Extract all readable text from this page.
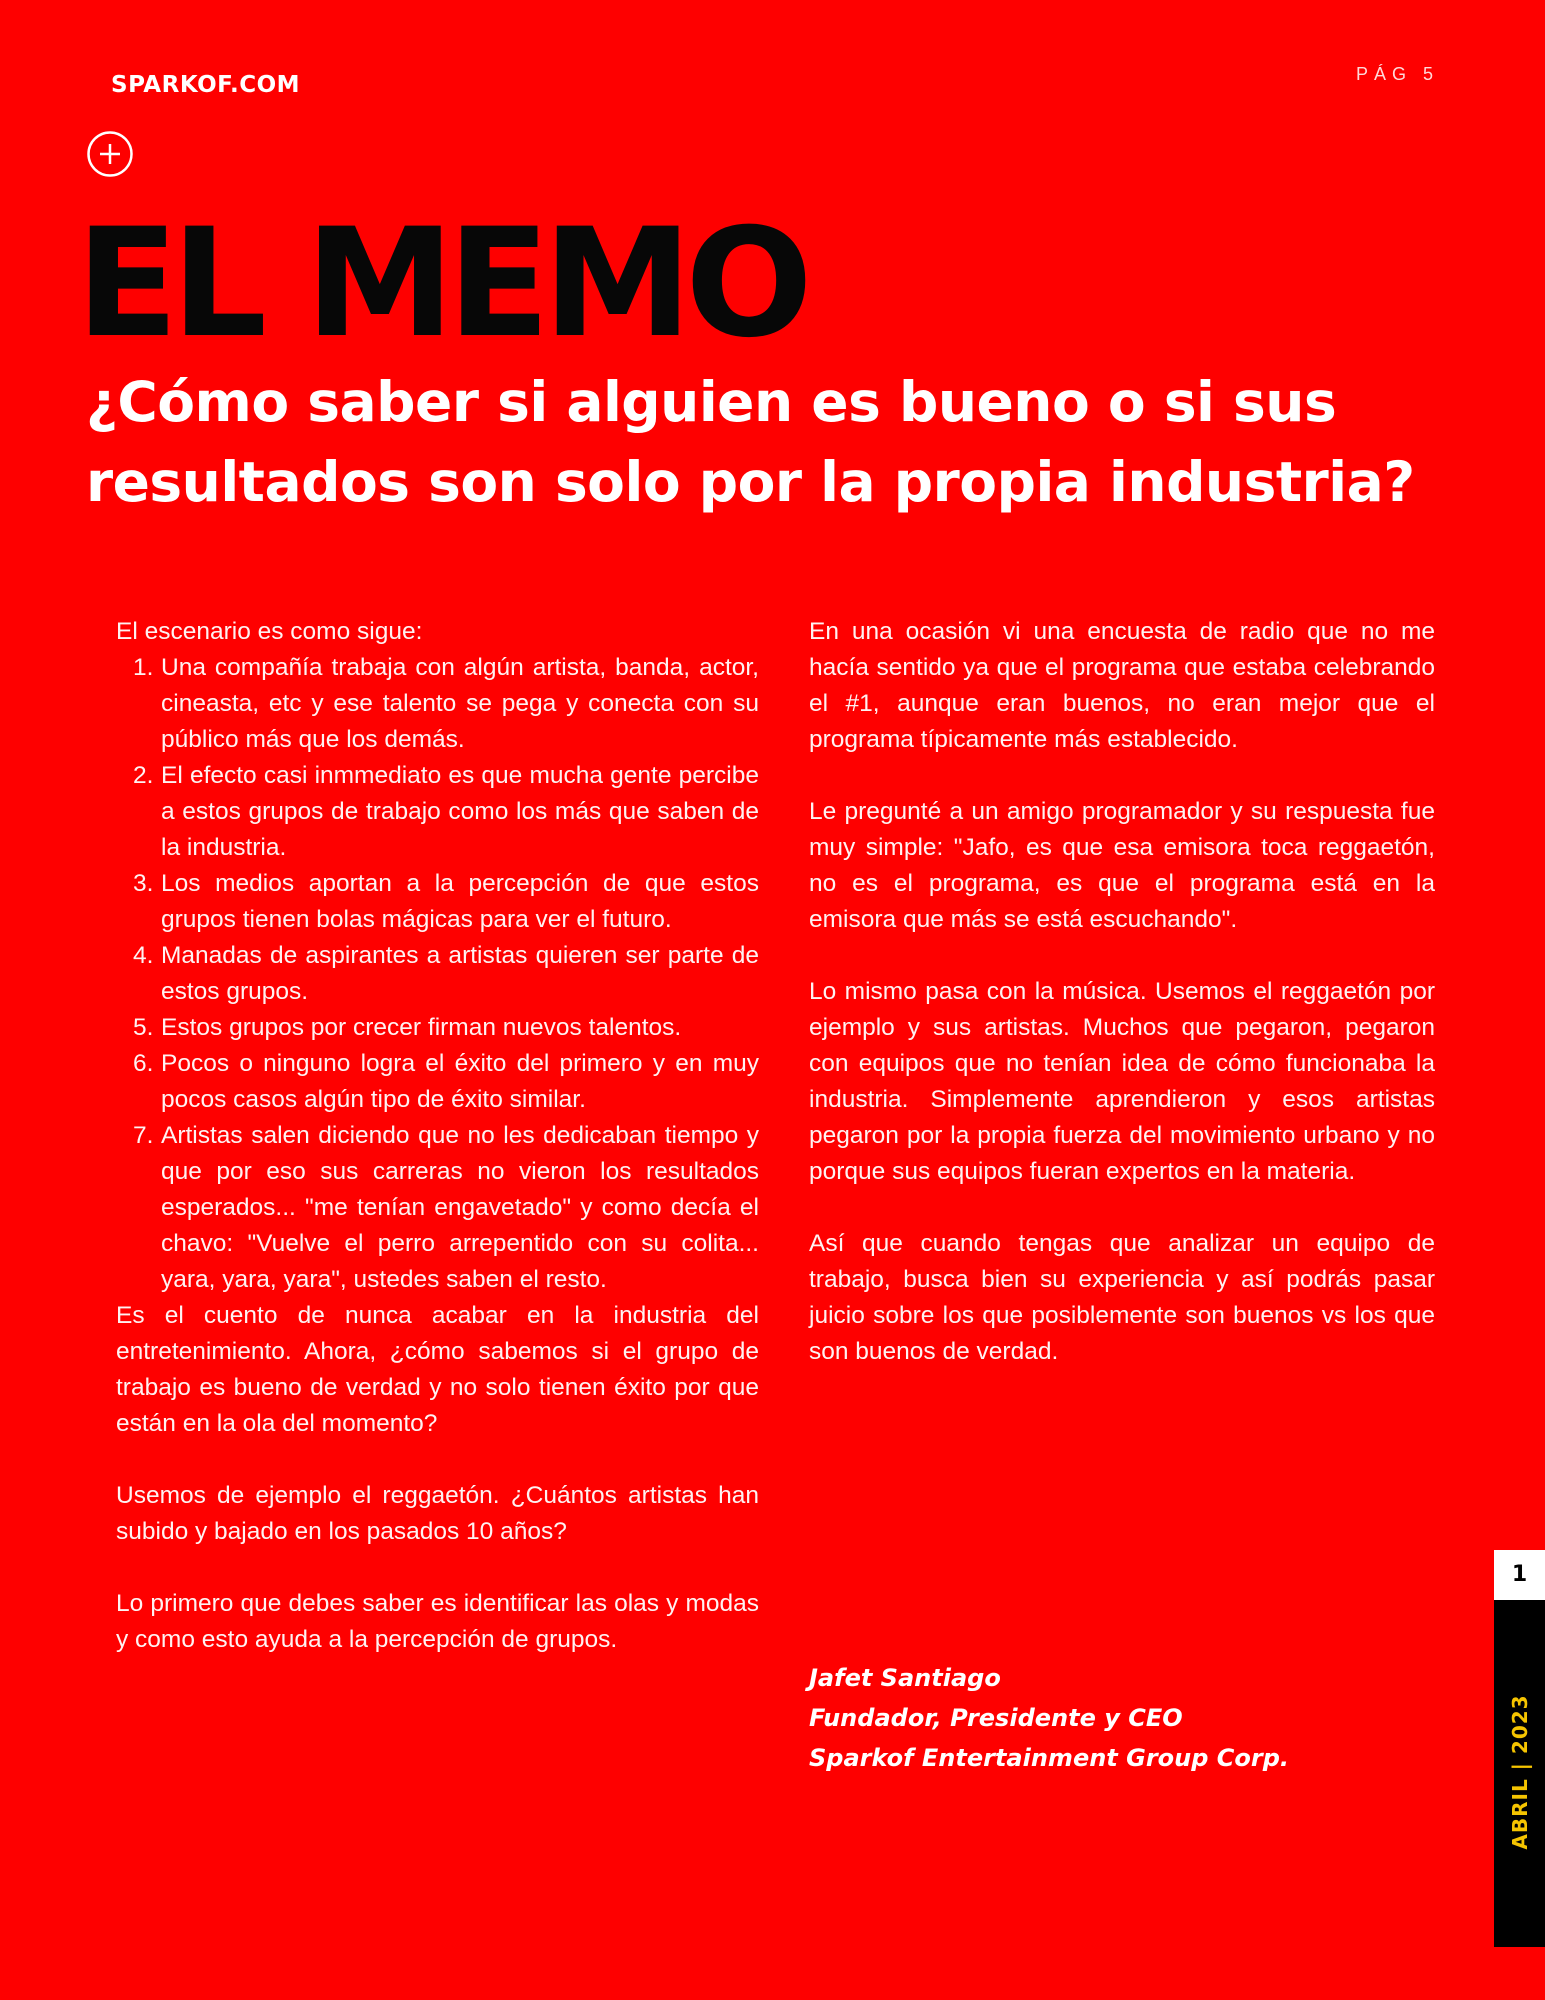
SPARKOF.COM	PÁG 5
EL MEMO
¿Cómo saber si alguien es bueno o si sus resultados son solo por la propia industria?

El escenario es como sigue:

Una compañía trabaja con algún artista, banda, actor, cineasta, etc y ese talento se pega y conecta con su público más que los demás.
El efecto casi inmmediato es que mucha gente percibe a estos grupos de trabajo como los más que saben de la industria.
Los medios aportan a la percepción de que estos grupos tienen bolas mágicas para ver el futuro.
Manadas de aspirantes a artistas quieren ser parte de estos grupos.
Estos grupos por crecer firman nuevos talentos.
Pocos o ninguno logra el éxito del primero y en muy pocos casos algún tipo de éxito similar.
Artistas salen diciendo que no les dedicaban tiempo y que por eso sus carreras no vieron los resultados esperados... "me tenían engavetado" y como decía el chavo: "Vuelve el perro arrepentido con su colita... yara, yara, yara", ustedes saben el resto.

Es el cuento de nunca acabar en la industria del entretenimiento. Ahora, ¿cómo sabemos si el grupo de trabajo es bueno de verdad y no solo tienen éxito por que están en la ola del momento?

Usemos de ejemplo el reggaetón. ¿Cuántos artistas han subido y bajado en los pasados 10 años?

Lo primero que debes saber es identificar las olas y modas y como esto ayuda a la percepción de grupos.

En una ocasión vi una encuesta de radio que no me hacía sentido ya que el programa que estaba celebrando el #1, aunque eran buenos, no eran mejor que el programa típicamente más establecido.

Le pregunté a un amigo programador y su respuesta fue muy simple: "Jafo, es que esa emisora toca reggaetón, no es el programa, es que el programa está en la emisora que más se está escuchando".

Lo mismo pasa con la música. Usemos el reggaetón por ejemplo y sus artistas. Muchos que pegaron, pegaron con equipos que no tenían idea de cómo funcionaba la industria. Simplemente aprendieron y esos artistas pegaron por la propia fuerza del movimiento urbano y no porque sus equipos fueran expertos en la materia.

Así que cuando tengas que analizar un equipo de trabajo, busca bien su experiencia y así podrás pasar juicio sobre los que posiblemente son buenos vs los que son buenos de verdad.

Jafet Santiago
Fundador, Presidente y CEO
Sparkof Entertainment Group Corp.
1
ABRIL | 2023
